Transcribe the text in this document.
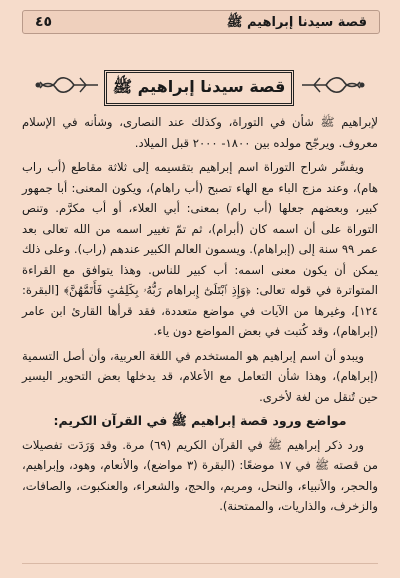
٤٥	قصة سيدنا إبراهيم ﷺ
قصة سيدنا إبراهيم ﷺ

لإبراهيم ﷺ شأن في التوراة، وكذلك عند النصارى، وشأنه في الإسلام معروف. ويرجّح مولده بين ١٨٠٠- ٢٠٠٠ قبل الميلاد.

ويفسِّر شراح التوراة اسم إبراهيم بتقسيمه إلى ثلاثة مقاطع (أب راب هام)، وعند مزج الباء مع الهاء تصبح (أب راهام)، ويكون المعنى: أبا جمهور كبير، وبعضهم جعلها (أب رام) بمعنى: أبي العلاء، أو أب مكرَّم. وتنص التوراة على أن اسمه كان (أبرام)، ثم تمّ تغيير اسمه من الله تعالى بعد عمر ٩٩ سنة إلى (إبراهام). ويسمون العالم الكبير عندهم (راب). وعلى ذلك يمكن أن يكون معنى اسمه: أب كبير للناس. وهذا يتوافق مع القراءة المتواترة في قوله تعالى: ﴿وَإِذِ ٱبْتَلَىٰٓ إِبراهام رَبُّهُۥ بِكَلِمَٰتٍ فَأَتَمَّهُنَّ﴾ [البقرة: ١٢٤]، وغيرها من الآيات في مواضع متعددة، فقد قرأها القارئ ابن عامر (إبراهام)، وقد كُتبت في بعض المواضع دون ياء.

ويبدو أن اسم إبراهيم هو المستخدم في اللغة العربية، وأن أصل التسمية (إبراهام)، وهذا شأن التعامل مع الأعلام، قد يدخلها بعض التحوير اليسير حين تُنقل من لغة لأخرى.

مواضع ورود قصة إبراهيم ﷺ في القرآن الكريم:

ورد ذكر إبراهيم ﷺ في القرآن الكريم (٦٩) مرة. وقد وَرَدَت تفصيلات من قصته ﷺ في ١٧ موضعًا: (البقرة (٣ مواضع)، والأنعام، وهود، وإبراهيم، والحجر، والأنبياء، والنحل، ومريم، والحج، والشعراء، والعنكبوت، والصافات، والزخرف، والذاريات، والممتحنة).
